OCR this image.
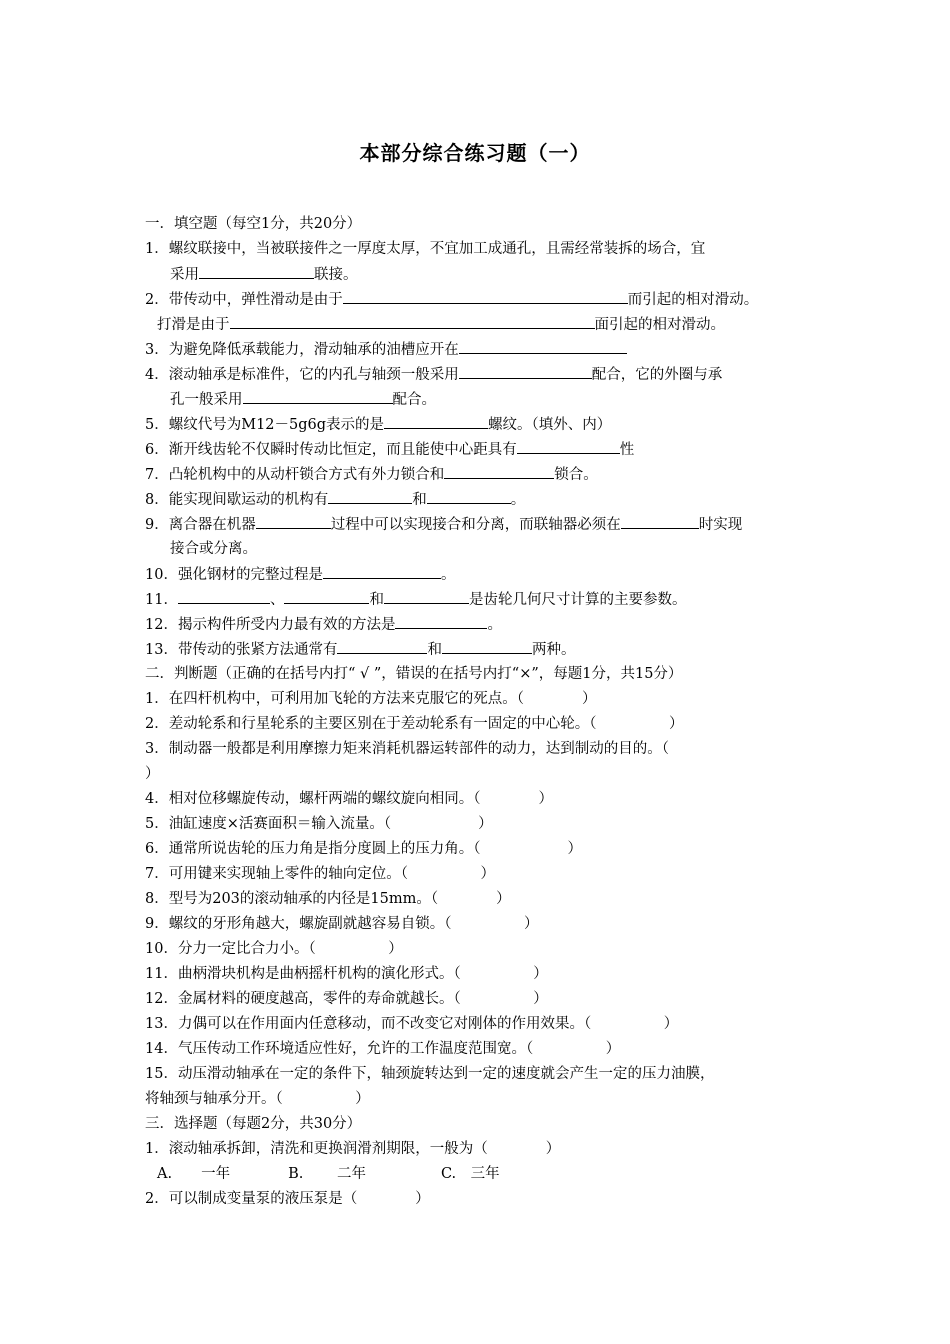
本部分综合练习题（一）
一．填空题（每空1分，共20分）
1．螺纹联接中，当被联接件之一厚度太厚，不宜加工成通孔，且需经常装拆的场合，宜
采用	联接。
2．带传动中，弹性滑动是由于	而引起的相对滑动。
打滑是由于	面引起的相对滑动。
3．为避免降低承载能力，滑动轴承的油槽应开在
4．滚动轴承是标准件，它的内孔与轴颈一般采用	配合，它的外圈与承
孔一般采用	配合。
5．螺纹代号为M12－5g6g表示的是	螺纹。（填外、内）
6．渐开线齿轮不仅瞬时传动比恒定，而且能使中心距具有	性
7．凸轮机构中的从动杆锁合方式有外力锁合和	锁合。
8．能实现间歇运动的机构有	和	。
9．离合器在机器	过程中可以实现接合和分离，而联轴器必须在	时实现
接合或分离。
10．强化钢材的完整过程是	。
11．	、	和	是齿轮几何尺寸计算的主要参数。
12．揭示构件所受内力最有效的方法是	。
13．带传动的张紧方法通常有	和	两种。
二．判断题（正确的在括号内打“ √ ”，错误的在括号内打“×”，每题1分，共15分）
1．在四杆机构中，可利用加飞轮的方法来克服它的死点。（　　　　）
2．差动轮系和行星轮系的主要区别在于差动轮系有一固定的中心轮。（　　　　　）
3．制动器一般都是利用摩擦力矩来消耗机器运转部件的动力，达到制动的目的。（
）
4．相对位移螺旋传动，螺杆两端的螺纹旋向相同。（　　　　）
5．油缸速度×活赛面积＝输入流量。（　　　　　　）
6．通常所说齿轮的压力角是指分度圆上的压力角。（　　　　　　）
7．可用键来实现轴上零件的轴向定位。（　　　　　）
8．型号为203的滚动轴承的内径是15mm。（　　　　）
9．螺纹的牙形角越大，螺旋副就越容易自锁。（　　　　　）
10．分力一定比合力小。（　　　　　）
11．曲柄滑块机构是曲柄摇杆机构的演化形式。（　　　　　）
12．金属材料的硬度越高，零件的寿命就越长。（　　　　　）
13．力偶可以在作用面内任意移动，而不改变它对刚体的作用效果。（　　　　　）
14．气压传动工作环境适应性好，允许的工作温度范围宽。（　　　　　）
15．动压滑动轴承在一定的条件下，轴颈旋转达到一定的速度就会产生一定的压力油膜，
将轴颈与轴承分开。（　　　　　）
三．选择题（每题2分，共30分）
1．滚动轴承拆卸，清洗和更换润滑剂期限，一般为（　　　　）
A.　　一年	B.　　 二年	C.　三年
2．可以制成变量泵的液压泵是（　　　　）
